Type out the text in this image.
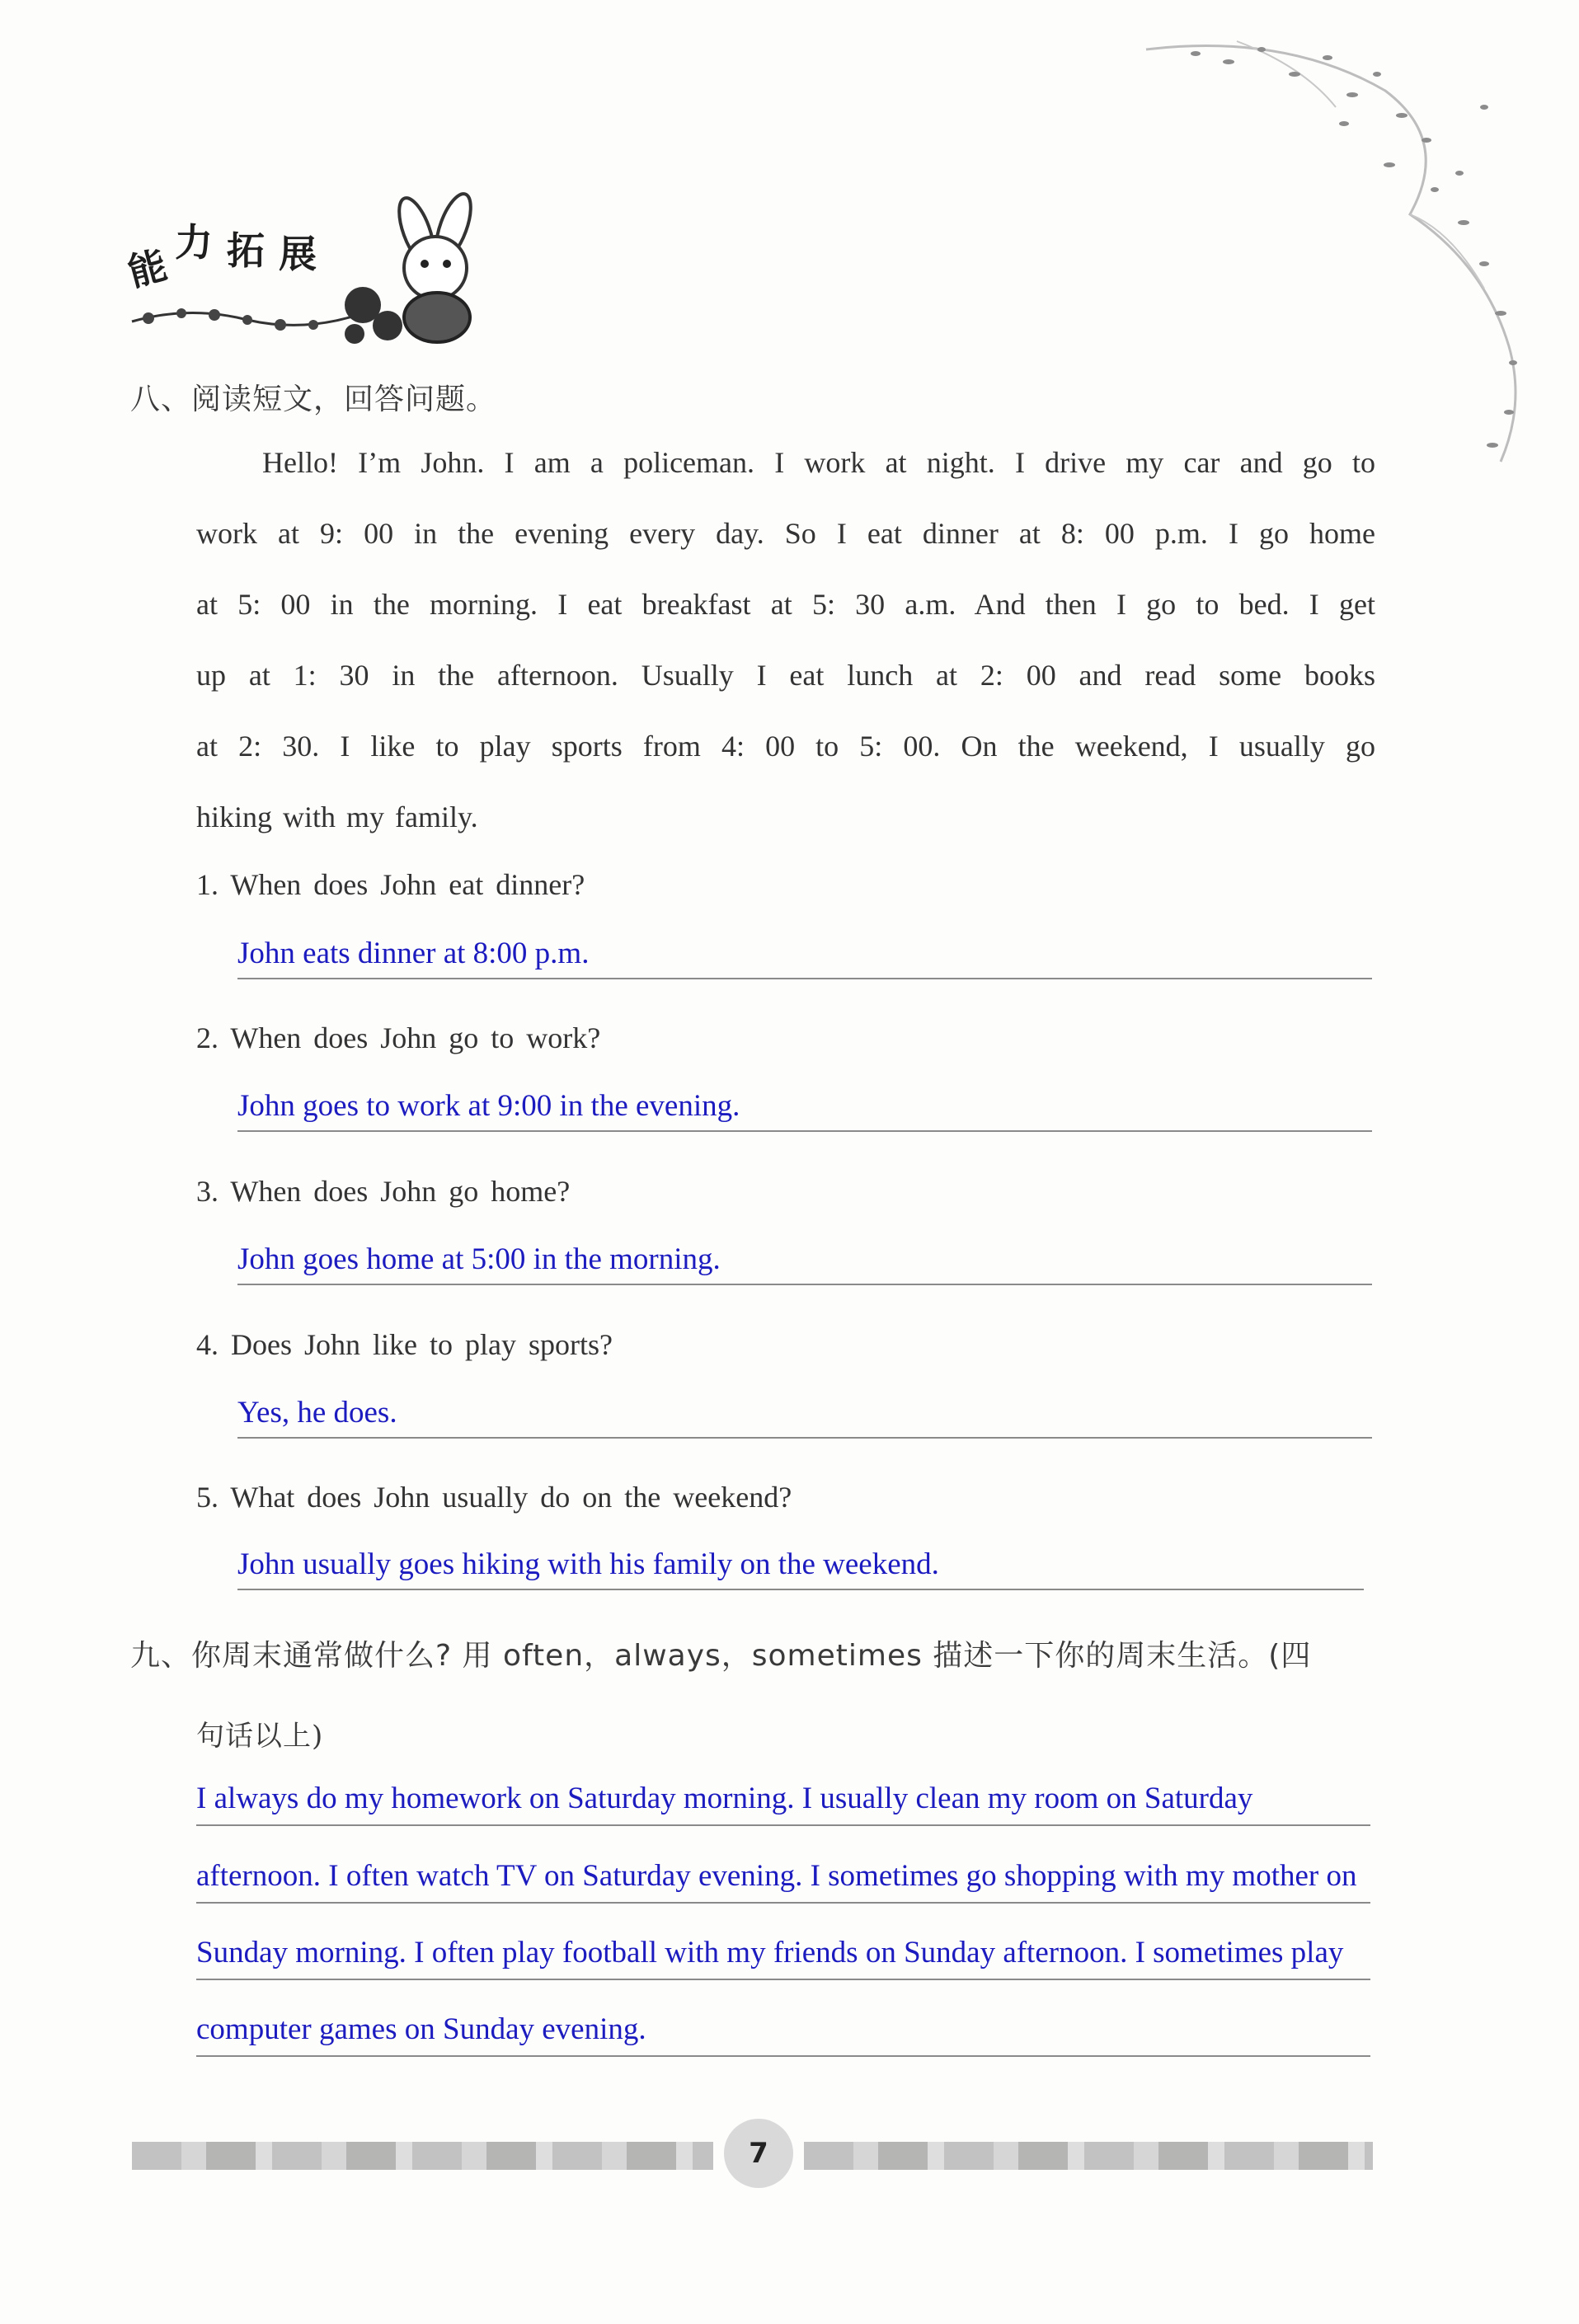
能 力 拓 展
八、阅读短文，回答问题。
Hello! I’m John. I am a policeman. I work at night. I drive my car and go to
work at 9: 00 in the evening every day. So I eat dinner at 8: 00 p.m. I go home
at 5: 00 in the morning. I eat breakfast at 5: 30 a.m. And then I go to bed. I get
up at 1: 30 in the afternoon. Usually I eat lunch at 2: 00 and read some books
at 2: 30. I like to play sports from 4: 00 to 5: 00. On the weekend, I usually go
hiking with my family.
1. When does John eat dinner?
John eats dinner at 8:00 p.m.
2. When does John go to work?
John goes to work at 9:00 in the evening.
3. When does John go home?
John goes home at 5:00 in the morning.
4. Does John like to play sports?
Yes, he does.
5. What does John usually do on the weekend?
John usually goes hiking with his family on the weekend.
九、你周末通常做什么? 用 often，always，sometimes 描述一下你的周末生活。(四
句话以上)
I always do my homework on Saturday morning. I usually clean my room on Saturday
afternoon. I often watch TV on Saturday evening. I sometimes go shopping with my mother on
Sunday morning. I often play football with my friends on Sunday afternoon. I sometimes play
computer games on Sunday evening.
7
